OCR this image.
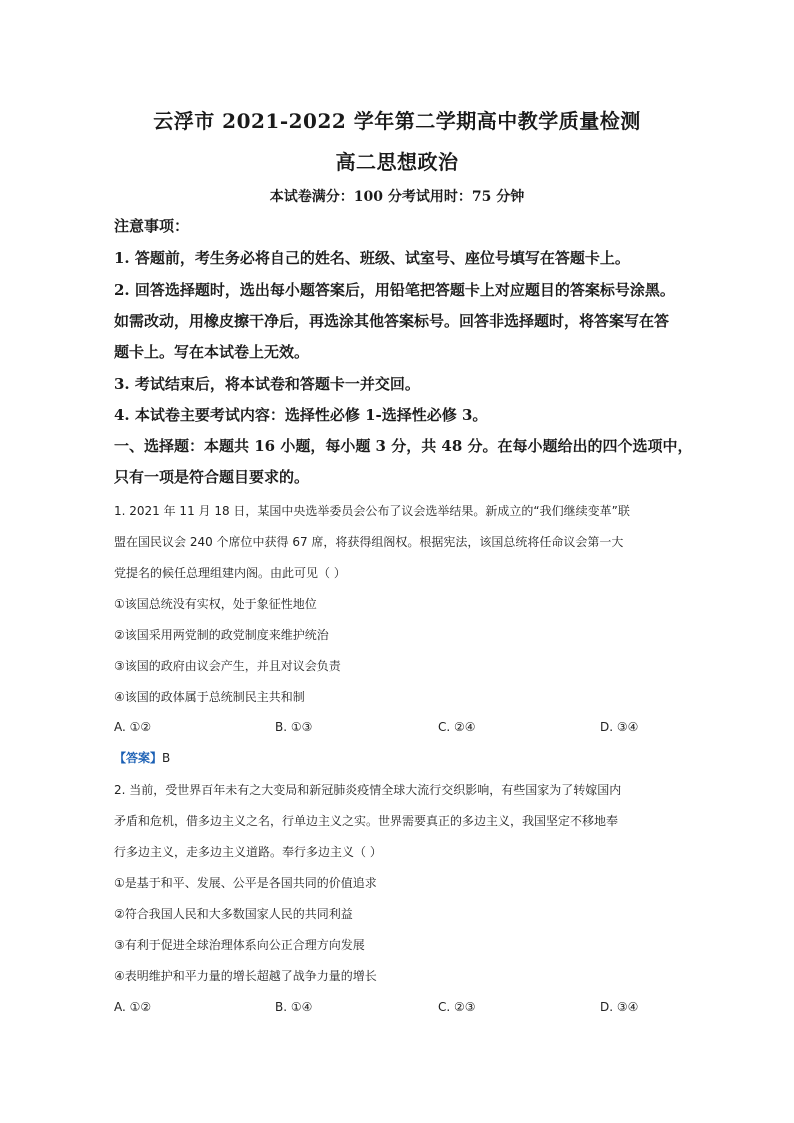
云浮市 2021-2022 学年第二学期高中教学质量检测
高二思想政治
本试卷满分：100 分考试用时：75 分钟
注意事项：
1. 答题前，考生务必将自己的姓名、班级、试室号、座位号填写在答题卡上。
2. 回答选择题时，选出每小题答案后，用铅笔把答题卡上对应题目的答案标号涂黑。
如需改动，用橡皮擦干净后，再选涂其他答案标号。回答非选择题时，将答案写在答
题卡上。写在本试卷上无效。
3. 考试结束后，将本试卷和答题卡一并交回。
4. 本试卷主要考试内容：选择性必修 1-选择性必修 3。
一、选择题：本题共 16 小题，每小题 3 分，共 48 分。在每小题给出的四个选项中，
只有一项是符合题目要求的。
1. 2021 年 11 月 18 日，某国中央选举委员会公布了议会选举结果。新成立的“我们继续变革”联
盟在国民议会 240 个席位中获得 67 席，将获得组阁权。根据宪法，该国总统将任命议会第一大
党提名的候任总理组建内阁。由此可见（ ）
①该国总统没有实权，处于象征性地位
②该国采用两党制的政党制度来维护统治
③该国的政府由议会产生，并且对议会负责
④该国的政体属于总统制民主共和制
A. ①②	B. ①③	C. ②④	D. ③④
【答案】B
2. 当前，受世界百年未有之大变局和新冠肺炎疫情全球大流行交织影响，有些国家为了转嫁国内
矛盾和危机，借多边主义之名，行单边主义之实。世界需要真正的多边主义，我国坚定不移地奉
行多边主义，走多边主义道路。奉行多边主义（ ）
①是基于和平、发展、公平是各国共同的价值追求
②符合我国人民和大多数国家人民的共同利益
③有利于促进全球治理体系向公正合理方向发展
④表明维护和平力量的增长超越了战争力量的增长
A. ①②	B. ①④	C. ②③	D. ③④
